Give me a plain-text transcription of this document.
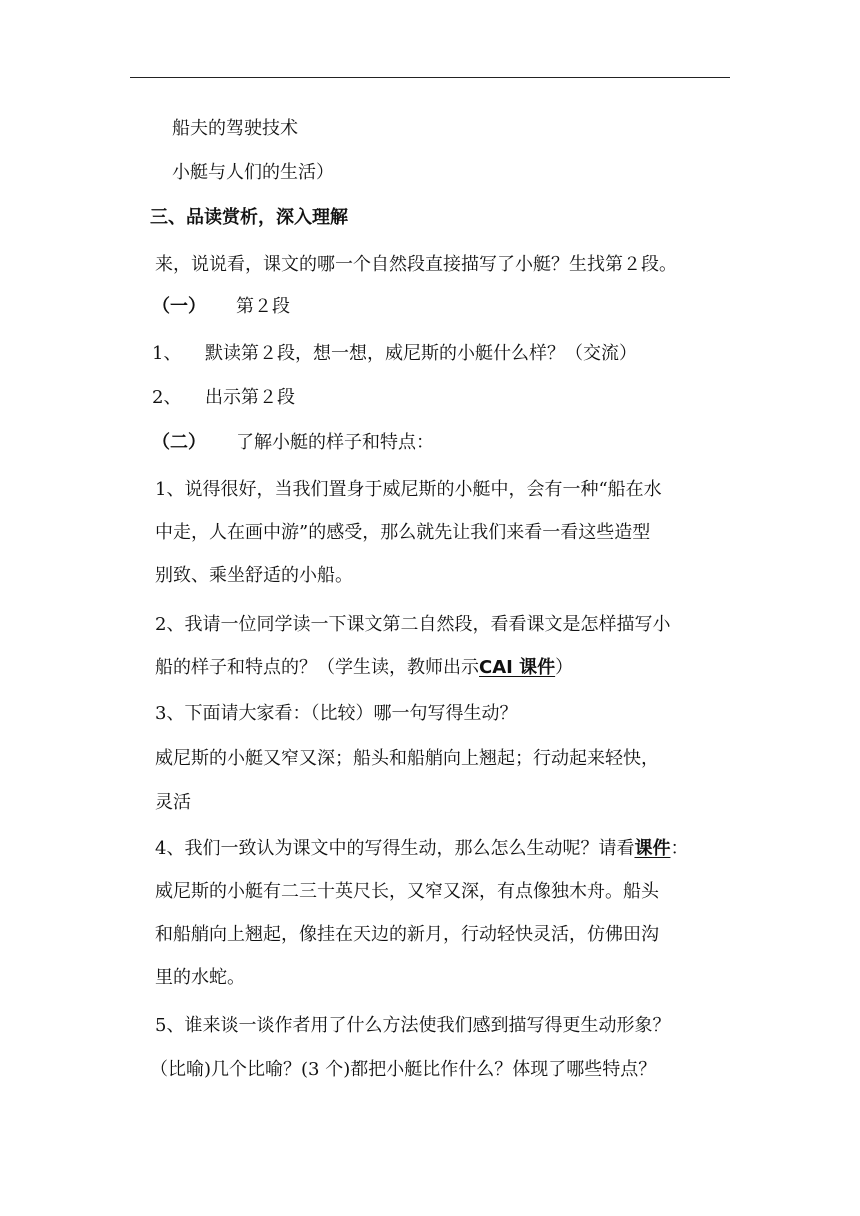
船夫的驾驶技术
小艇与人们的生活）
三、品读赏析，深入理解
来，说说看，课文的哪一个自然段直接描写了小艇？生找第２段。
（一） 第２段
1、 默读第２段，想一想，威尼斯的小艇什么样？（交流）
2、 出示第２段
（二） 了解小艇的样子和特点：
1、说得很好，当我们置身于威尼斯的小艇中，会有一种“船在水
中走，人在画中游”的感受，那么就先让我们来看一看这些造型
别致、乘坐舒适的小船。
2、我请一位同学读一下课文第二自然段，看看课文是怎样描写小
船的样子和特点的？（学生读，教师出示CAI 课件）
3、下面请大家看：（比较）哪一句写得生动？
威尼斯的小艇又窄又深；船头和船艄向上翘起；行动起来轻快，
灵活
4、我们一致认为课文中的写得生动，那么怎么生动呢？请看课件：
威尼斯的小艇有二三十英尺长，又窄又深，有点像独木舟。船头
和船艄向上翘起，像挂在天边的新月，行动轻快灵活，仿佛田沟
里的水蛇。
5、谁来谈一谈作者用了什么方法使我们感到描写得更生动形象？
（比喻)几个比喻？(3 个)都把小艇比作什么？体现了哪些特点？
